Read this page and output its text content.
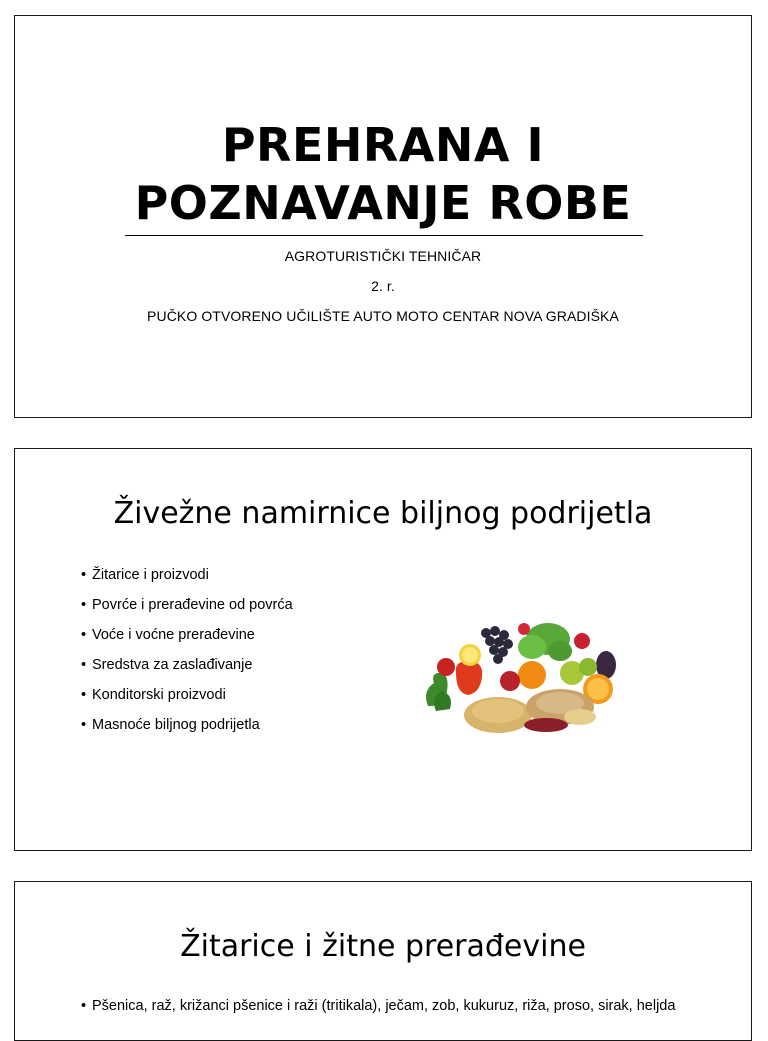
PREHRANA I
POZNAVANJE ROBE
AGROTURISTIČKI TEHNIČAR
2. r.
PUČKO OTVORENO UČILIŠTE AUTO MOTO CENTAR NOVA GRADIŠKA
Živežne namirnice biljnog podrijetla
• Žitarice i proizvodi
• Povrće i prerađevine od povrća
• Voće i voćne prerađevine
• Sredstva za zaslađivanje
• Konditorski proizvodi
• Masnoće biljnog podrijetla
Žitarice i žitne prerađevine
• Pšenica, raž, križanci pšenice i raži (tritikala), ječam, zob, kukuruz, riža, proso, sirak, heljda
